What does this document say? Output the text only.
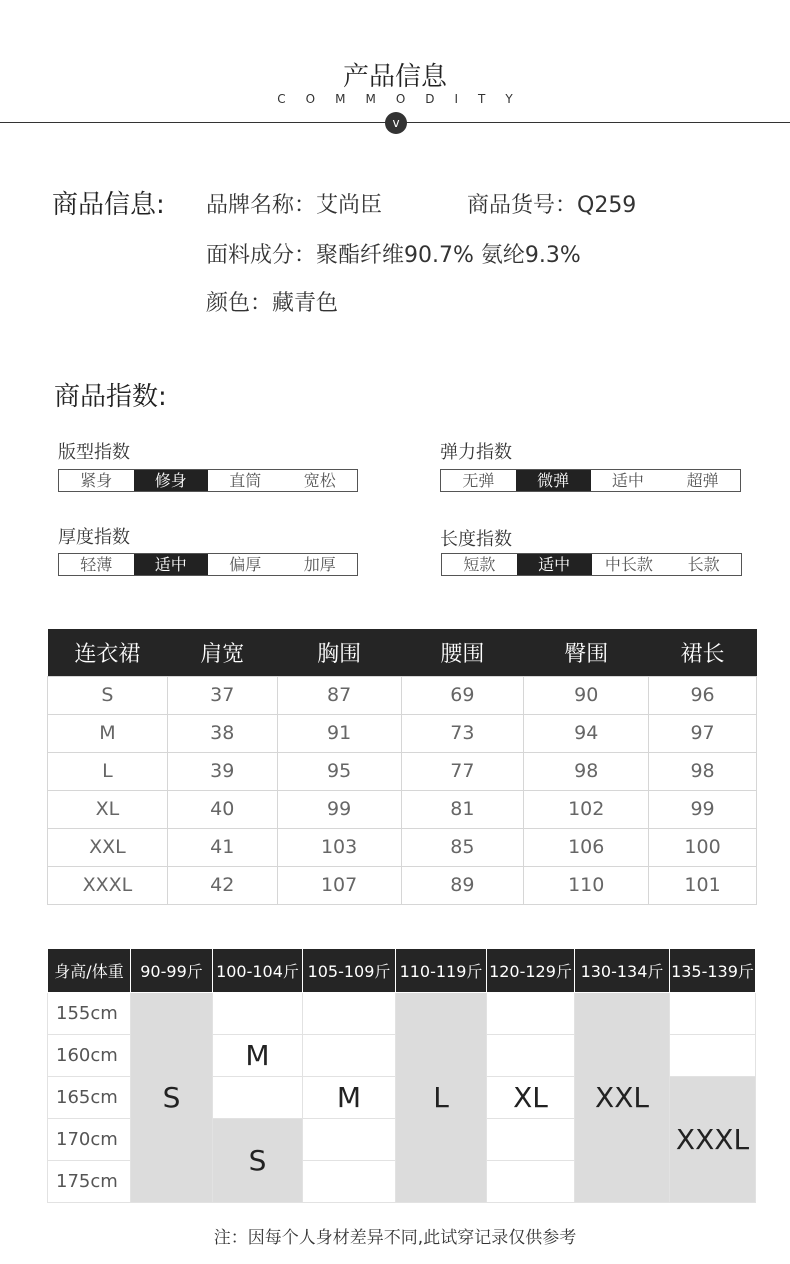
产品信息
COMMODITY
v
商品信息: 品牌名称：艾尚臣	商品货号：Q259
面料成分：聚酯纤维90.7% 氨纶9.3%
颜色：藏青色
商品指数:
版型指数
紧身	修身	直筒	宽松
弹力指数
无弹	微弹	适中	超弹
厚度指数
轻薄	适中	偏厚	加厚
长度指数
短款	适中	中长款	长款
连衣裙	肩宽	胸围	腰围	臀围	裙长
S	37	87	69	90	96
M	38	91	73	94	97
L	39	95	77	98	98
XL	40	99	81	102	99
XXL	41	103	85	106	100
XXXL	42	107	89	110	101
身高/体重	90-99斤	100-104斤	105-109斤	110-119斤	120-129斤	130-134斤	135-139斤
155cm	S			L		XXL	
160cm		M					
165cm			M		XL		XXXL
170cm		S					
175cm							
注：因每个人身材差异不同,此试穿记录仅供参考
